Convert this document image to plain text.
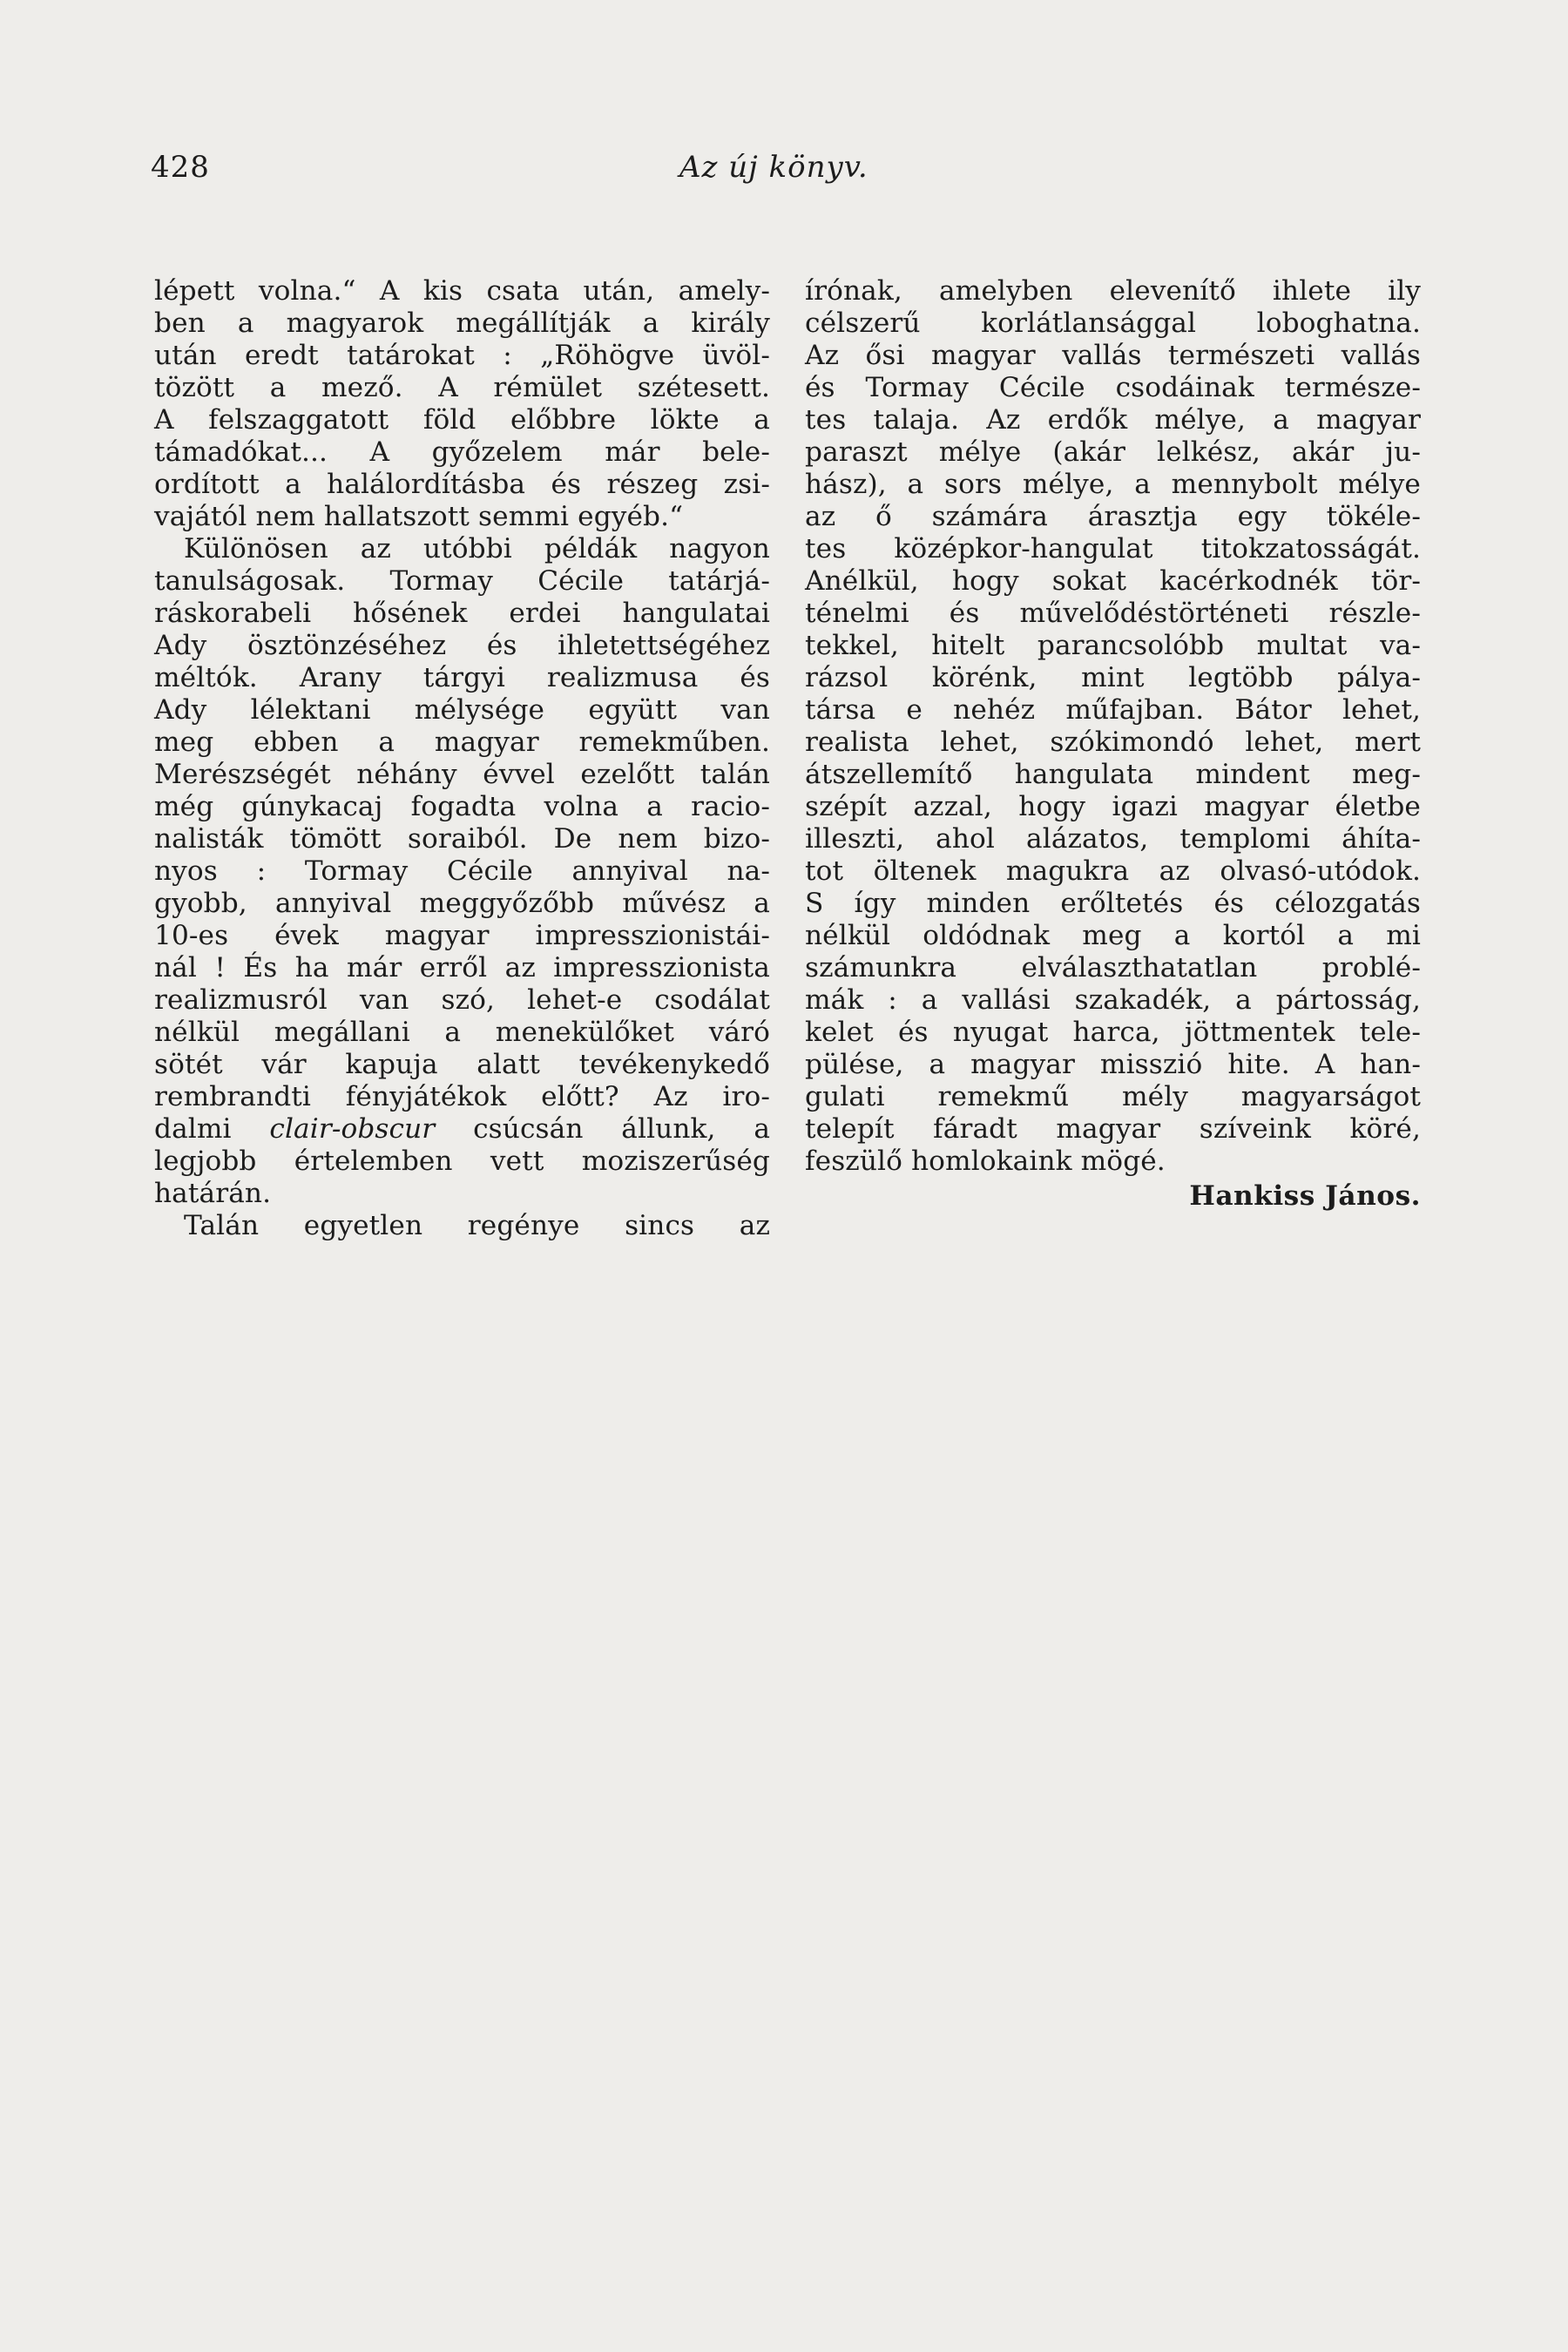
428	Az új könyv.
lépett volna.“ A kis csata után, amely-
ben a magyarok megállítják a király
után eredt tatárokat : „Röhögve üvöl-
tözött a mező. A rémület szétesett.
A felszaggatott föld előbbre lökte a
támadókat... A győzelem már bele-
ordított a halálordításba és részeg zsi-
vajától nem hallatszott semmi egyéb.“
Különösen az utóbbi példák nagyon
tanulságosak. Tormay Cécile tatárjá-
ráskorabeli hősének erdei hangulatai
Ady ösztönzéséhez és ihletettségéhez
méltók. Arany tárgyi realizmusa és
Ady lélektani mélysége együtt van
meg ebben a magyar remekműben.
Merészségét néhány évvel ezelőtt talán
még gúnykacaj fogadta volna a racio-
nalisták tömött soraiból. De nem bizo-
nyos : Tormay Cécile annyival na-
gyobb, annyival meggyőzőbb művész a
10-es évek magyar impresszionistái-
nál ! És ha már erről az impresszionista
realizmusról van szó, lehet-e csodálat
nélkül megállani a menekülőket váró
sötét vár kapuja alatt tevékenykedő
rembrandti fényjátékok előtt? Az iro-
dalmi clair-obscur csúcsán állunk, a
legjobb értelemben vett moziszerűség
határán.
Talán egyetlen regénye sincs az
írónak, amelyben elevenítő ihlete ily
célszerű korlátlansággal loboghatna.
Az ősi magyar vallás természeti vallás
és Tormay Cécile csodáinak természe-
tes talaja. Az erdők mélye, a magyar
paraszt mélye (akár lelkész, akár ju-
hász), a sors mélye, a mennybolt mélye
az ő számára árasztja egy tökéle-
tes középkor-hangulat titokzatosságát.
Anélkül, hogy sokat kacérkodnék tör-
ténelmi és művelődéstörténeti részle-
tekkel, hitelt parancsolóbb multat va-
rázsol körénk, mint legtöbb pálya-
társa e nehéz műfajban. Bátor lehet,
realista lehet, szókimondó lehet, mert
átszellemítő hangulata mindent meg-
szépít azzal, hogy igazi magyar életbe
illeszti, ahol alázatos, templomi áhíta-
tot öltenek magukra az olvasó-utódok.
S így minden erőltetés és célozgatás
nélkül oldódnak meg a kortól a mi
számunkra elválaszthatatlan problé-
mák : a vallási szakadék, a pártosság,
kelet és nyugat harca, jöttmentek tele-
pülése, a magyar misszió hite. A han-
gulati remekmű mély magyarságot
telepít fáradt magyar szíveink köré,
feszülő homlokaink mögé.
Hankiss János.
